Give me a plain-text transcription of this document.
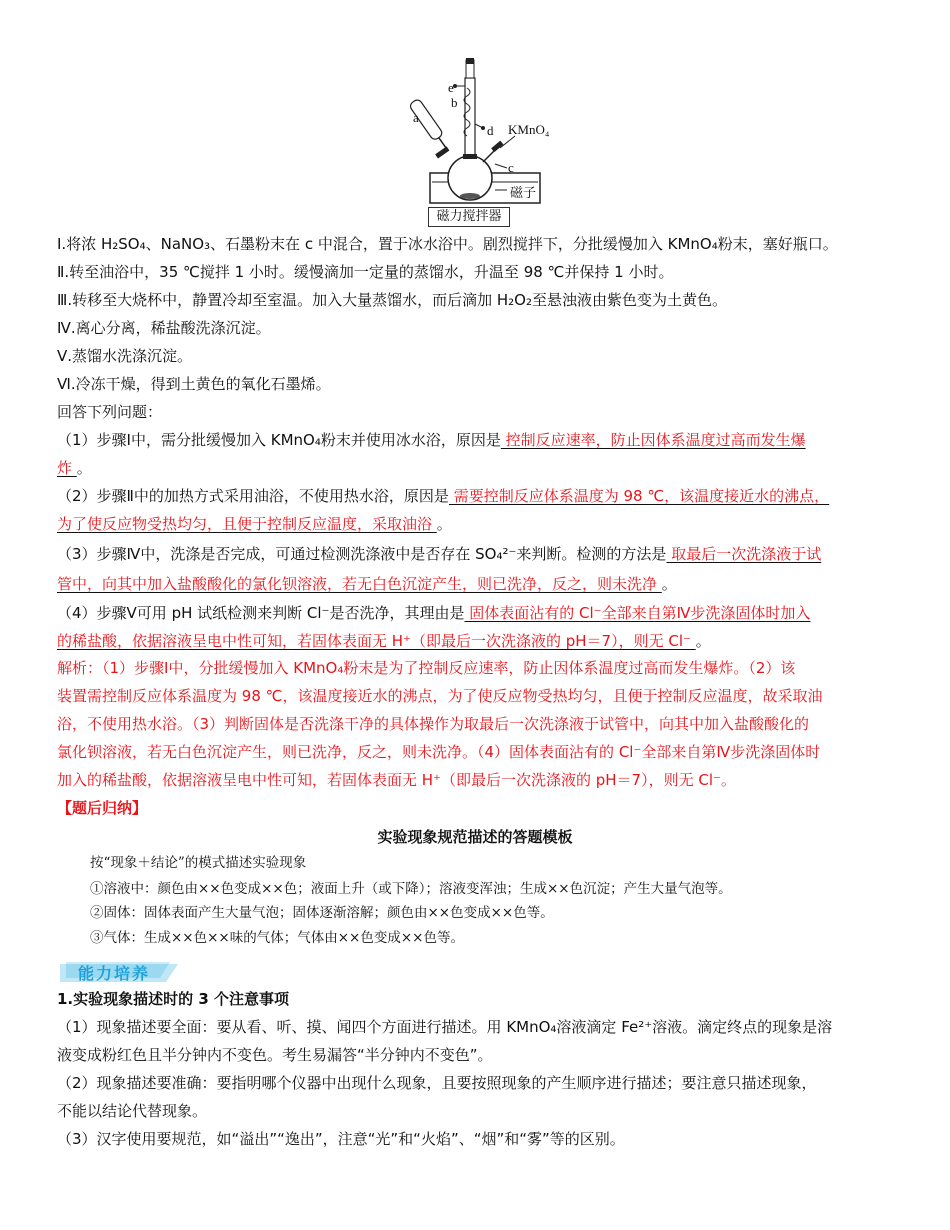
e
b
a
d KMnO₄
c
磁子
磁力搅拌器
Ⅰ.将浓 H₂SO₄、NaNO₃、石墨粉末在 c 中混合，置于冰水浴中。剧烈搅拌下，分批缓慢加入 KMnO₄粉末，塞好瓶口。
Ⅱ.转至油浴中，35 ℃搅拌 1 小时。缓慢滴加一定量的蒸馏水，升温至 98 ℃并保持 1 小时。
Ⅲ.转移至大烧杯中，静置冷却至室温。加入大量蒸馏水，而后滴加 H₂O₂至悬浊液由紫色变为土黄色。
Ⅳ.离心分离，稀盐酸洗涤沉淀。
Ⅴ.蒸馏水洗涤沉淀。
Ⅵ.冷冻干燥，得到土黄色的氧化石墨烯。
回答下列问题：
（1）步骤Ⅰ中，需分批缓慢加入 KMnO₄粉末并使用冰水浴，原因是 控制反应速率，防止因体系温度过高而发生爆
炸 。
（2）步骤Ⅱ中的加热方式采用油浴，不使用热水浴，原因是 需要控制反应体系温度为 98 ℃，该温度接近水的沸点，
为了使反应物受热均匀，且便于控制反应温度，采取油浴 。
（3）步骤Ⅳ中，洗涤是否完成，可通过检测洗涤液中是否存在 SO₄²⁻来判断。检测的方法是 取最后一次洗涤液于试
管中，向其中加入盐酸酸化的氯化钡溶液，若无白色沉淀产生，则已洗净，反之，则未洗净 。
（4）步骤Ⅴ可用 pH 试纸检测来判断 Cl⁻是否洗净，其理由是 固体表面沾有的 Cl⁻全部来自第Ⅳ步洗涤固体时加入
的稀盐酸，依据溶液呈电中性可知，若固体表面无 H⁺（即最后一次洗涤液的 pH＝7），则无 Cl⁻ 。
解析：（1）步骤Ⅰ中，分批缓慢加入 KMnO₄粉末是为了控制反应速率，防止因体系温度过高而发生爆炸。（2）该
装置需控制反应体系温度为 98 ℃，该温度接近水的沸点，为了使反应物受热均匀，且便于控制反应温度，故采取油
浴，不使用热水浴。（3）判断固体是否洗涤干净的具体操作为取最后一次洗涤液于试管中，向其中加入盐酸酸化的
氯化钡溶液，若无白色沉淀产生，则已洗净，反之，则未洗净。（4）固体表面沾有的 Cl⁻全部来自第Ⅳ步洗涤固体时
加入的稀盐酸，依据溶液呈电中性可知，若固体表面无 H⁺（即最后一次洗涤液的 pH＝7），则无 Cl⁻。
【题后归纳】
实验现象规范描述的答题模板
按“现象＋结论”的模式描述实验现象
①溶液中：颜色由××色变成××色；液面上升（或下降）；溶液变浑浊；生成××色沉淀；产生大量气泡等。
②固体：固体表面产生大量气泡；固体逐渐溶解；颜色由××色变成××色等。
③气体：生成××色××味的气体；气体由××色变成××色等。
能力培养
1.实验现象描述时的 3 个注意事项
（1）现象描述要全面：要从看、听、摸、闻四个方面进行描述。用 KMnO₄溶液滴定 Fe²⁺溶液。滴定终点的现象是溶
液变成粉红色且半分钟内不变色。考生易漏答“半分钟内不变色”。
（2）现象描述要准确：要指明哪个仪器中出现什么现象，且要按照现象的产生顺序进行描述；要注意只描述现象，
不能以结论代替现象。
（3）汉字使用要规范，如“溢出”“逸出”，注意“光”和“火焰”、“烟”和“雾”等的区别。
